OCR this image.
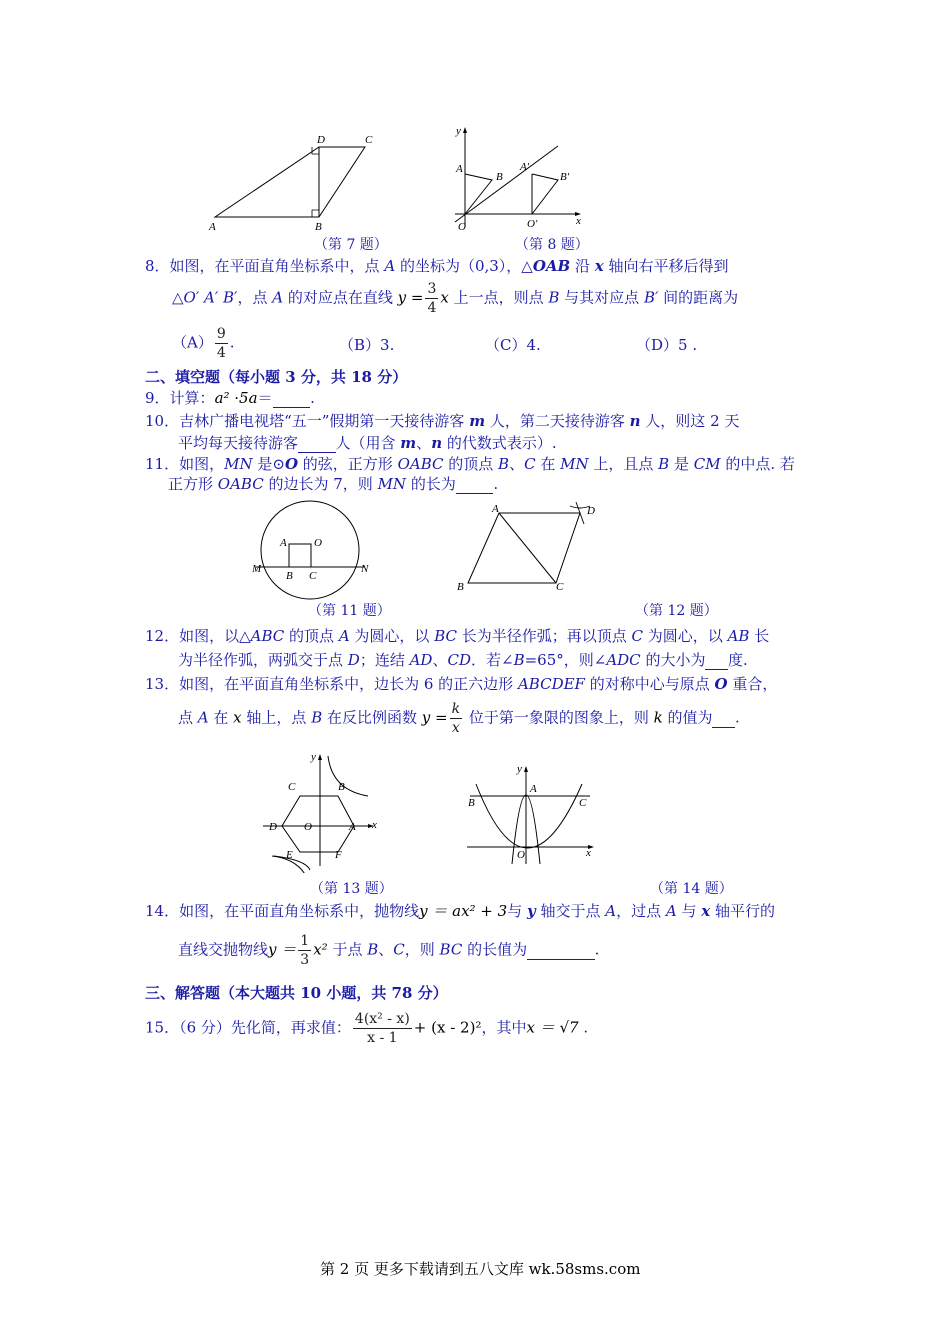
A	B
C
D
（第 7 题）
y
x
O
A
B
A′
B′
O′
（第 8 题）
8．如图，在平面直角坐标系中，点 A 的坐标为（0,3），△OAB 沿 x 轴向右平移后得到
△O′ A′ B′，点 A 的对应点在直线 $y = \frac{3}{4}$ x 上一点，则点 B 与其对应点 B′ 间的距离为
$(A) \frac{9}{4}$ .	（B）3.	（C）4.	（D）5 .
二、填空题（每小题 3 分，共 18 分）
9．计算：a² ·5a＝_____.
10．吉林广播电视塔“五一”假期第一天接待游客 m 人，第二天接待游客 n 人，则这 2 天
平均每天接待游客_____人（用含 m、n 的代数式表示）.
11．如图，MN 是⊙O 的弦，正方形 OABC 的顶点 B、C 在 MN 上，且点 B 是 CM 的中点. 若
正方形 OABC 的边长为 7，则 MN 的长为_____.
A O
B C
M	N
（第 11 题）
A
B	C
D
（第 12 题）
12．如图，以△ABC 的顶点 A 为圆心，以 BC 长为半径作弧；再以顶点 C 为圆心，以 AB 长
为半径作弧，两弧交于点 D；连结 AD、CD．若∠B=65°，则∠ADC 的大小为___度.
13．如图，在平面直角坐标系中，边长为 6 的正六边形 ABCDEF 的对称中心与原点 O 重合，
点 A 在 x 轴上，点 B 在反比例函数 $y = \frac{k}{x}$ 位于第一象限的图象上，则 k 的值为___.
y
x
O	A
B
C
D
E	F
（第 13 题）
y
x
O
A
B	C
（第 14 题）
14．如图，在平面直角坐标系中，抛物线y ＝ ax² + 3与 y 轴交于点 A，过点 A 与 x 轴平行的
直线交抛物线$y = \frac{1}{3} x^2$ 于点 B、C，则 BC 的长值为_________.
三、解答题（本大题共 10 小题，共 78 分）
15．（6 分）先化简，再求值： $\frac{\text{4(x² - x)}}{x - 1} + (x - 2)^2$，其中x ＝ √7 .
第 2 页 更多下载请到五八文库 wk.58sms.com
